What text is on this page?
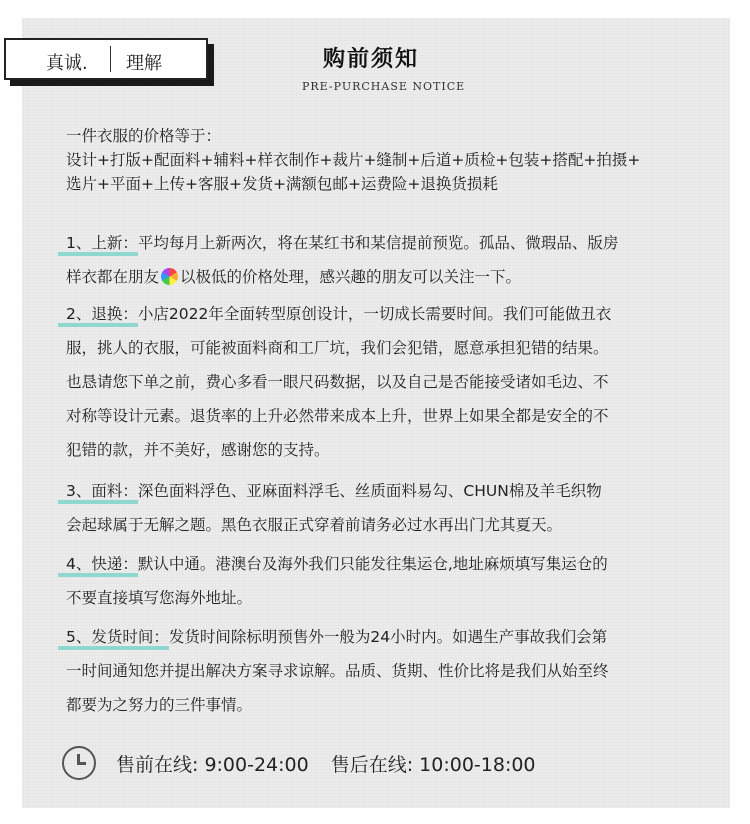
真诚. 理解	购前须知
PRE-PURCHASE NOTICE
一件衣服的价格等于：
设计+打版+配面料+辅料+样衣制作+裁片+缝制+后道+质检+包装+搭配+拍摄+
选片+平面+上传+客服+发货+满额包邮+运费险+退换货损耗
1、上新：平均每月上新两次，将在某红书和某信提前预览。孤品、微瑕品、版房
样衣都在朋友 以极低的价格处理，感兴趣的朋友可以关注一下。
2、退换：小店2022年全面转型原创设计，一切成长需要时间。我们可能做丑衣
服，挑人的衣服，可能被面料商和工厂坑，我们会犯错，愿意承担犯错的结果。
也恳请您下单之前，费心多看一眼尺码数据，以及自己是否能接受诸如毛边、不
对称等设计元素。退货率的上升必然带来成本上升，世界上如果全都是安全的不
犯错的款，并不美好，感谢您的支持。
3、面料：深色面料浮色、亚麻面料浮毛、丝质面料易勾、CHUN棉及羊毛织物
会起球属于无解之题。黑色衣服正式穿着前请务必过水再出门尤其夏天。
4、快递：默认中通。港澳台及海外我们只能发往集运仓,地址麻烦填写集运仓的
不要直接填写您海外地址。
5、发货时间：发货时间除标明预售外一般为24小时内。如遇生产事故我们会第
一时间通知您并提出解决方案寻求谅解。品质、货期、性价比将是我们从始至终
都要为之努力的三件事情。
售前在线: 9:00-24:00 售后在线: 10:00-18:00
